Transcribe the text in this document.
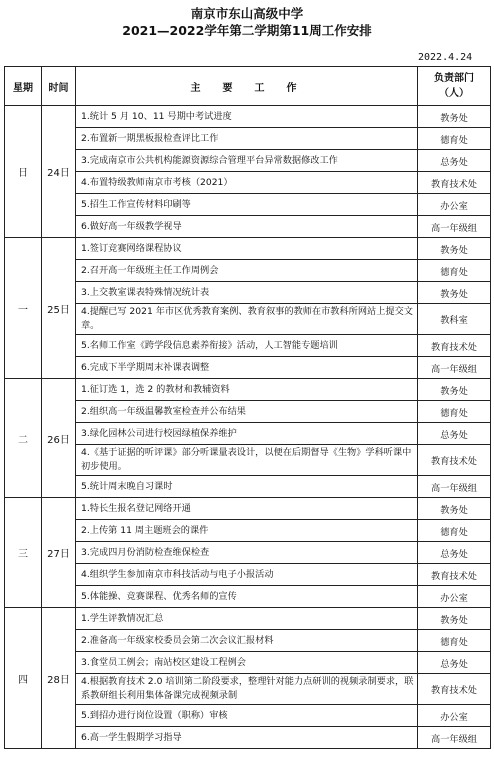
南京市东山高级中学
2021—2022学年第二学期第11周工作安排
2022.4.24
星期	时间	主　要　工　作	负责部门
（人）

日	24日	1.统计 5 月 10、11 号期中考试进度	教务处
		2.布置新一期黑板报检查评比工作	德育处
		3.完成南京市公共机构能源资源综合管理平台异常数据修改工作	总务处
		4.布置特级教师南京市考核（2021）	教育技术处
		5.招生工作宣传材料印刷等	办公室
		6.做好高一年级教学视导	高一年级组
一	25日	1.签订竞赛网络课程协议	教务处
		2.召开高一年级班主任工作周例会	德育处
		3.上交教室课表特殊情况统计表	教务处
		4.提醒已写 2021 年市区优秀教育案例、教育叙事的教师在市教科所网站上提交文章。	教科室
		5.名师工作室《跨学段信息素养衔接》活动，人工智能专题培训	教育技术处
		6.完成下半学期周末补课表调整	高一年级组
二	26日	1.征订选 1，选 2 的教材和教辅资料	教务处
		2.组织高一年级温馨教室检查并公布结果	德育处
		3.绿化园林公司进行校园绿植保养维护	总务处
		4.《基于证据的听评课》部分听课量表设计，以便在后期督导《生物》学科听课中初步使用。	教育技术处
		5.统计周末晚自习课时	高一年级组
三	27日	1.特长生报名登记网络开通	教务处
		2.上传第 11 周主题班会的课件	德育处
		3.完成四月份消防检查维保检查	总务处
		4.组织学生参加南京市科技活动与电子小报活动	教育技术处
		5.体能操、竞赛课程、优秀名师的宣传	办公室
四	28日	1.学生评教情况汇总	教务处
		2.准备高一年级家校委员会第二次会议汇报材料	德育处
		3.食堂员工例会；南站校区建设工程例会	总务处
		4.根据教育技术 2.0 培训第二阶段要求，整理针对能力点研训的视频录制要求，联系教研组长利用集体备课完成视频录制	教育技术处
		5.到招办进行岗位设置（职称）审核	办公室
		6.高一学生假期学习指导	高一年级组
